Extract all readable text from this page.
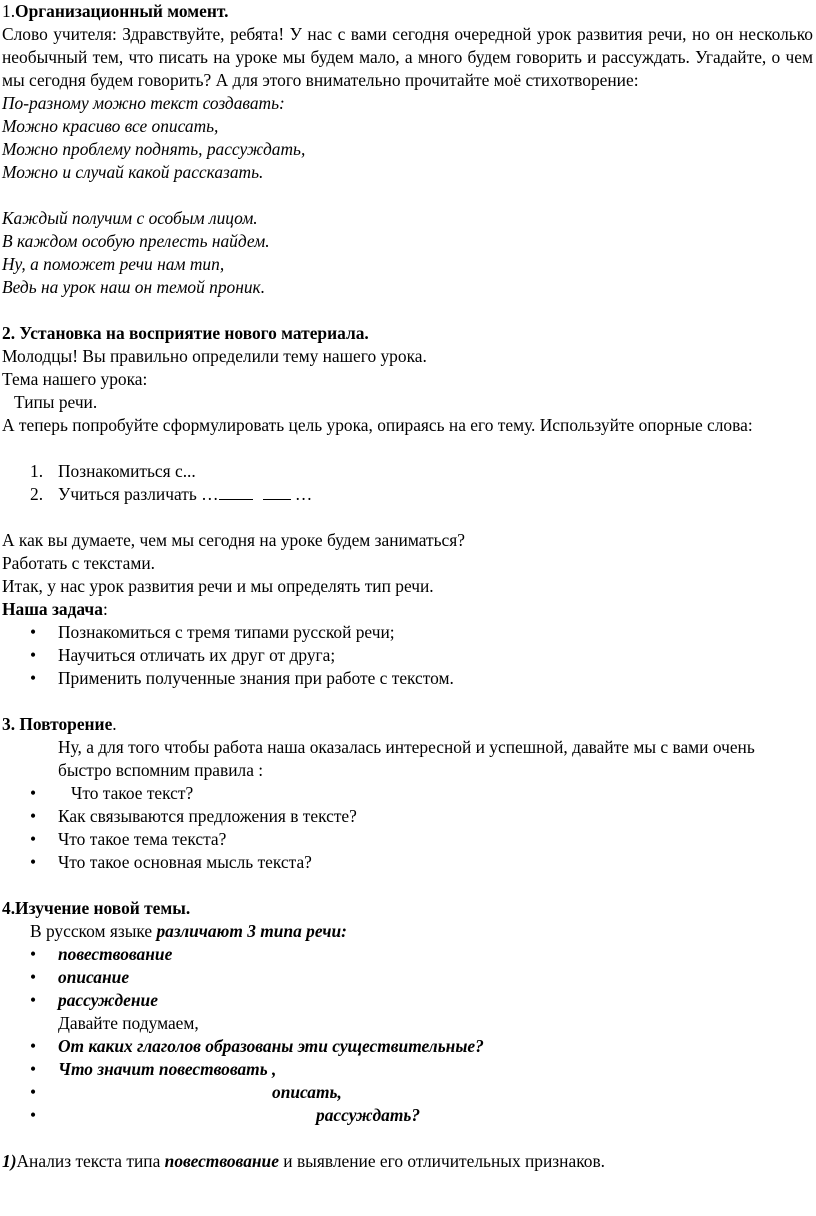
1.Организационный момент.

Слово учителя: Здравствуйте, ребята! У нас с вами сегодня очередной урок развития речи, но он несколько необычный тем, что писать на уроке мы будем мало, а много будем говорить и рассуждать. Угадайте, о чем мы сегодня будем говорить? А для этого внимательно прочитайте моё стихотворение:

По-разному можно текст создавать:

Можно красиво все описать,

Можно проблему поднять, рассуждать,

Можно и случай какой рассказать.

Каждый получим с особым лицом.

В каждом особую прелесть найдем.

Ну, а поможет речи нам тип,

Ведь на урок наш он темой проник.

2. Установка на восприятие нового материала.

Молодцы! Вы правильно определили тему нашего урока.

Тема нашего урока:

Типы речи.

А теперь попробуйте сформулировать цель урока, опираясь на его тему. Используйте опорные слова:

1. Познакомиться с...

2. Учиться различать …	…

А как вы думаете, чем мы сегодня на уроке будем заниматься?

Работать с текстами.

Итак, у нас урок развития речи и мы определять тип речи.

Наша задача:

• Познакомиться с тремя типами русской речи;

• Научиться отличать их друг от друга;

• Применить полученные знания при работе с текстом.

3. Повторение.

Ну, а для того чтобы работа наша оказалась интересной и успешной, давайте мы с вами очень быстро вспомним правила :

• Что такое текст?

• Как связываются предложения в тексте?

• Что такое тема текста?

• Что такое основная мысль текста?

4.Изучение новой темы.

В русском языке различают 3 типа речи:

• повествование

• описание

• рассуждение

Давайте подумаем,

• От каких глаголов образованы эти существительные?

• Что значит повествовать ,

•	описать,

•	рассуждать?

1)Анализ текста типа повествование и выявление его отличительных признаков.
